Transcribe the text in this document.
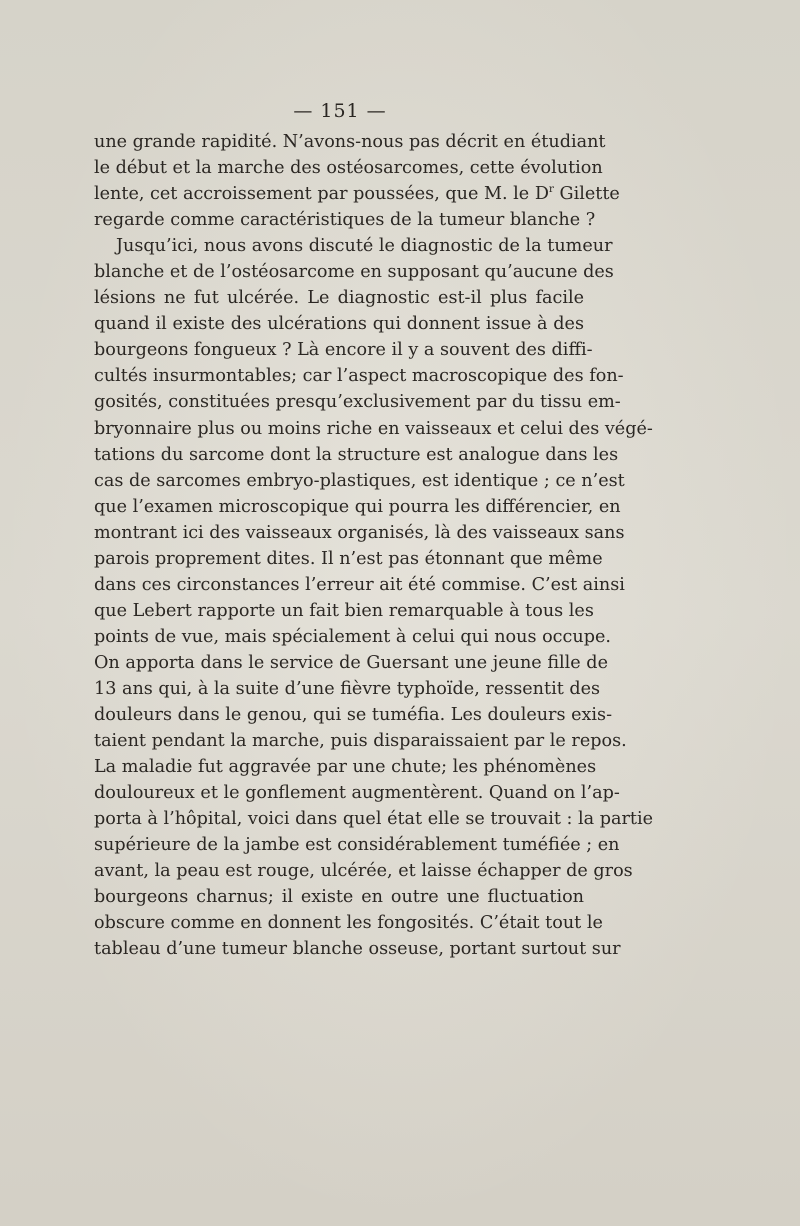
— 151 —
une grande rapidité. N’avons-nous pas décrit en étudiant
le début et la marche des ostéosarcomes, cette évolution
lente, cet accroissement par poussées, que M. le $D^r$ Gilette
regarde comme caractéristiques de la tumeur blanche ?
Jusqu’ici, nous avons discuté le diagnostic de la tumeur
blanche et de l’ostéosarcome en supposant qu’aucune des
lésions ne fut ulcérée. Le diagnostic est-il plus facile
quand il existe des ulcérations qui donnent issue à des
bourgeons fongueux ? Là encore il y a souvent des diffi-
cultés insurmontables; car l’aspect macroscopique des fon-
gosités, constituées presqu’exclusivement par du tissu em-
bryonnaire plus ou moins riche en vaisseaux et celui des végé-
tations du sarcome dont la structure est analogue dans les
cas de sarcomes embryo-plastiques, est identique ; ce n’est
que l’examen microscopique qui pourra les différencier, en
montrant ici des vaisseaux organisés, là des vaisseaux sans
parois proprement dites. Il n’est pas étonnant que même
dans ces circonstances l’erreur ait été commise. C’est ainsi
que Lebert rapporte un fait bien remarquable à tous les
points de vue, mais spécialement à celui qui nous occupe.
On apporta dans le service de Guersant une jeune fille de
13 ans qui, à la suite d’une fièvre typhoïde, ressentit des
douleurs dans le genou, qui se tuméfia. Les douleurs exis-
taient pendant la marche, puis disparaissaient par le repos.
La maladie fut aggravée par une chute; les phénomènes
douloureux et le gonflement augmentèrent. Quand on l’ap-
porta à l’hôpital, voici dans quel état elle se trouvait : la partie
supérieure de la jambe est considérablement tuméfiée ; en
avant, la peau est rouge, ulcérée, et laisse échapper de gros
bourgeons charnus; il existe en outre une fluctuation
obscure comme en donnent les fongosités. C’était tout le
tableau d’une tumeur blanche osseuse, portant surtout sur
